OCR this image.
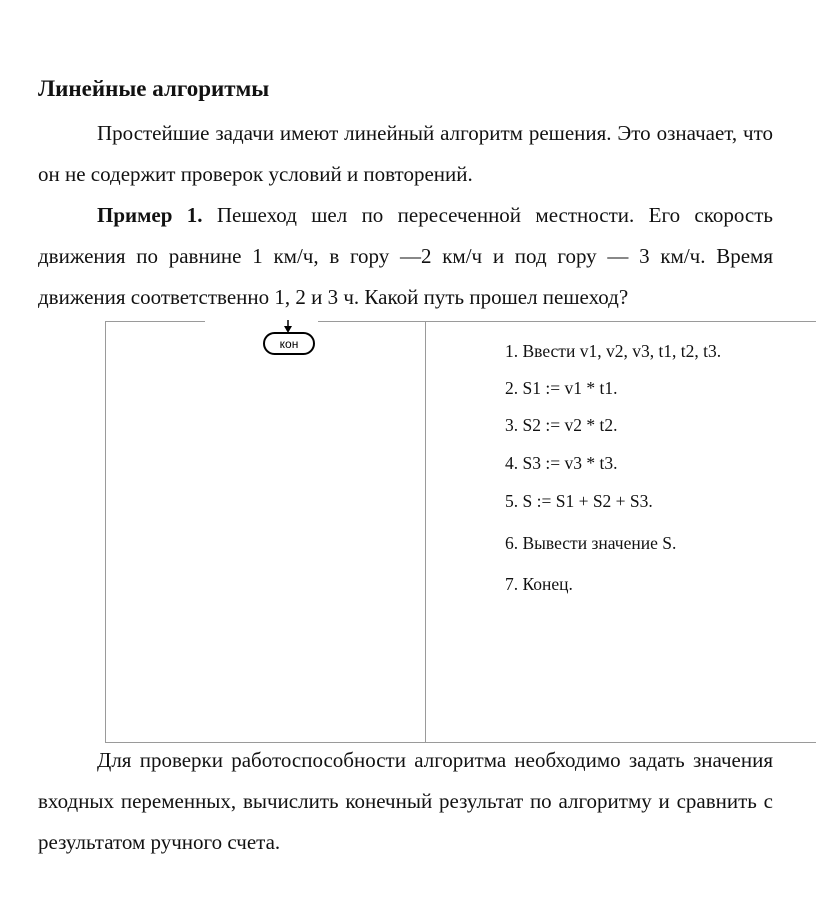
Линейные алгоритмы
Простейшие задачи имеют линейный алгоритм решения. Это означает, что он не содержит проверок условий и повторений.
Пример 1. Пешеход шел по пересеченной местности. Его скорость движения по равнине 1 км/ч, в гору —2 км/ч и под гору — 3 км/ч. Время движения соответственно 1, 2 и 3 ч. Какой путь прошел пешеход?
кон	1. Ввести v1, v2, v3, t1, t2, t3.
2. S1 := v1 * t1.
3. S2 := v2 * t2.
4. S3 := v3 * t3.
5. S := S1 + S2 + S3.
6. Вывести значение S.
7. Конец.
Для проверки работоспособности алгоритма необходимо задать значения входных переменных, вычислить конечный результат по алгоритму и сравнить с результатом ручного счета.
